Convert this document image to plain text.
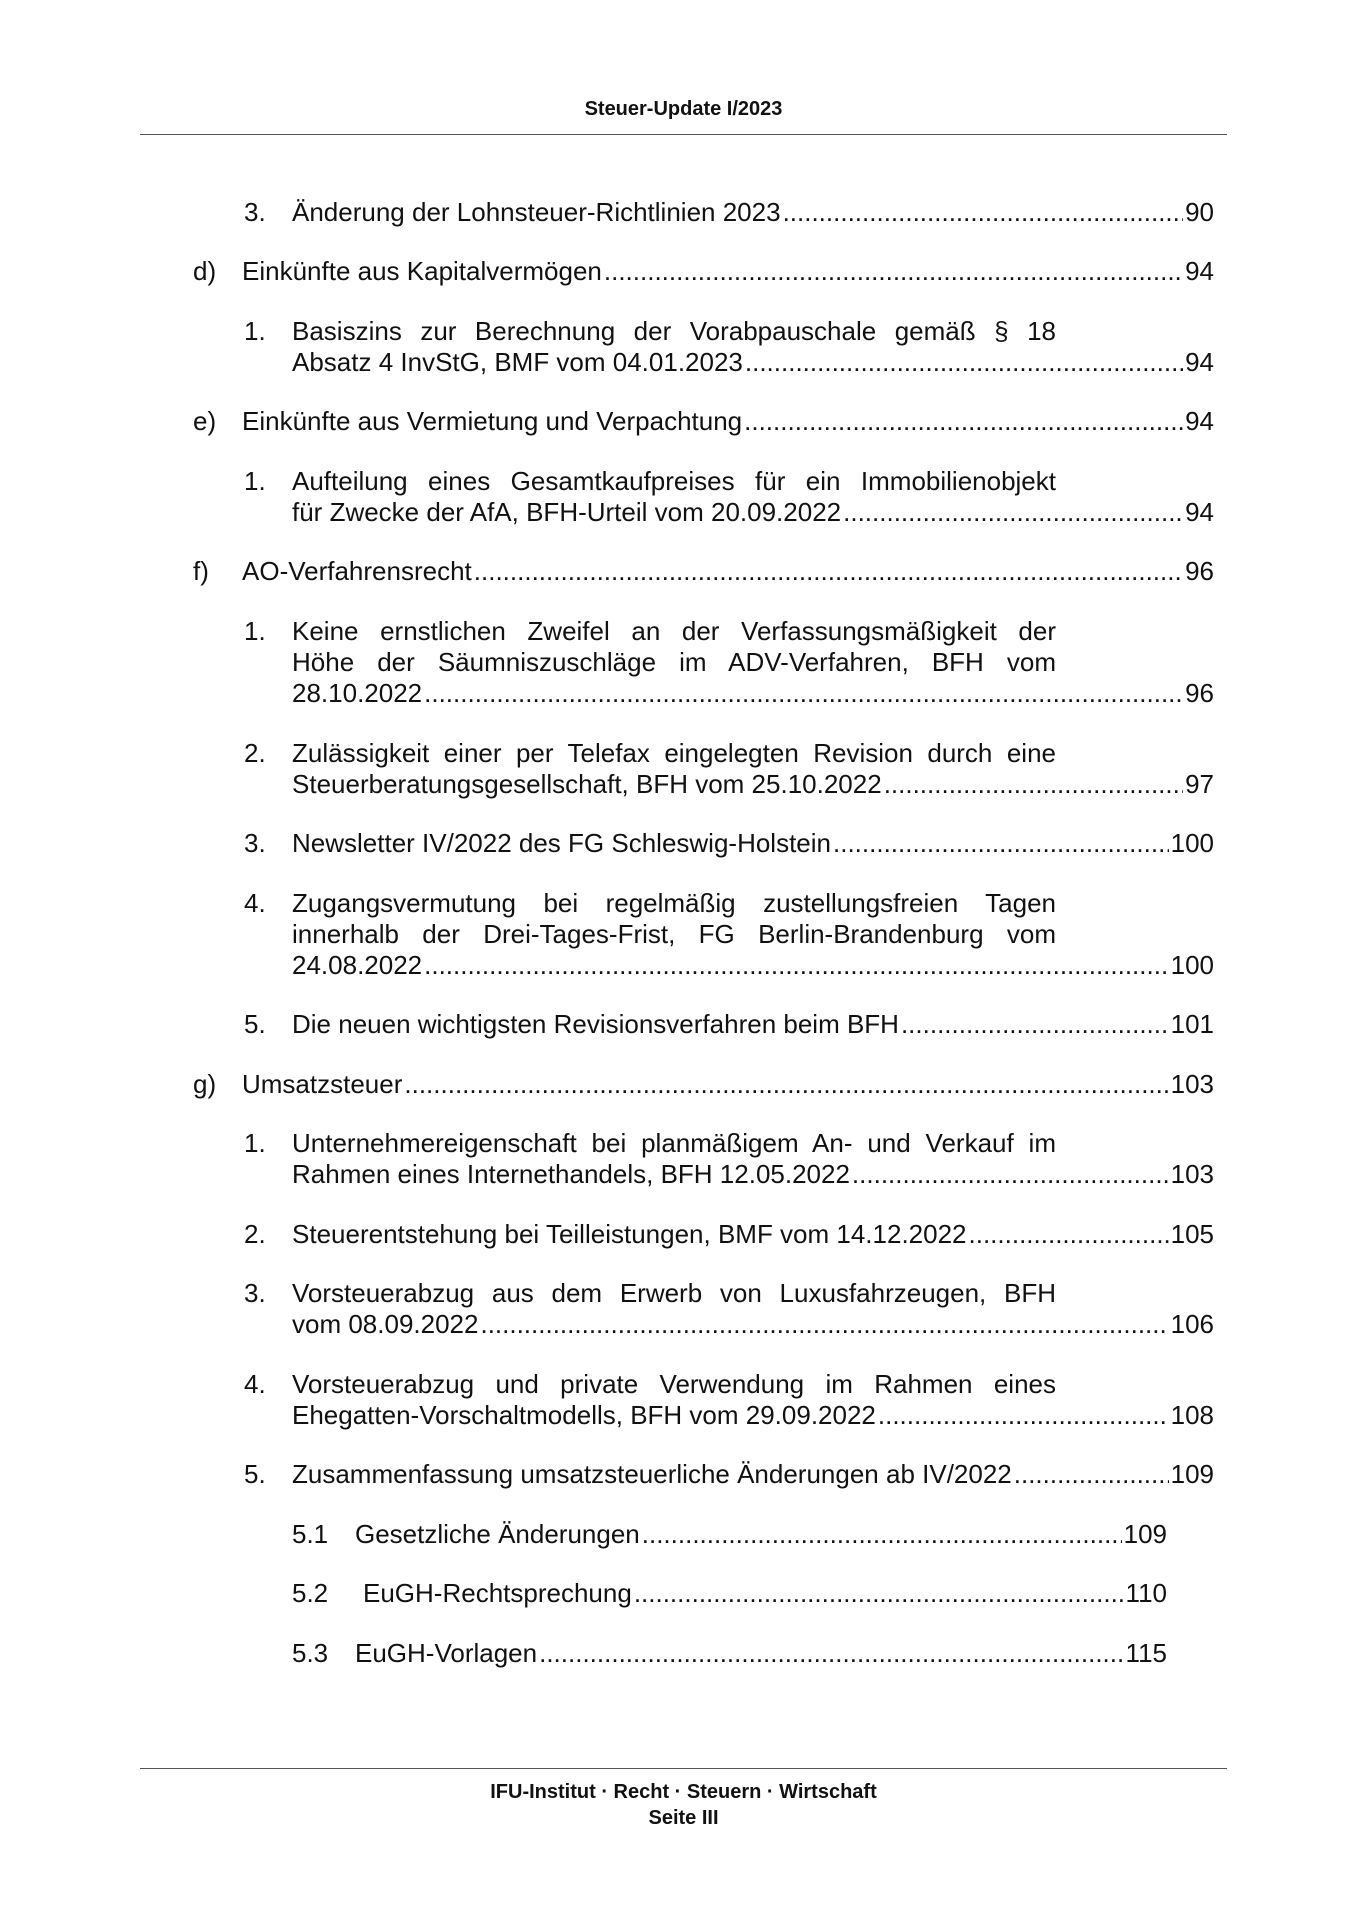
Steuer-Update I/2023
3. Änderung der Lohnsteuer-Richtlinien 2023 .....	90
d) Einkünfte aus Kapitalvermögen .....	94
1. Basiszins zur Berechnung der Vorabpauschale gemäß § 18
Absatz 4 InvStG, BMF vom 04.01.2023 .....	94
e) Einkünfte aus Vermietung und Verpachtung .....	94
1. Aufteilung eines Gesamtkaufpreises für ein Immobilienobjekt
für Zwecke der AfA, BFH-Urteil vom 20.09.2022 .....	94
f) AO-Verfahrensrecht .....	96
1. Keine ernstlichen Zweifel an der Verfassungsmäßigkeit der
Höhe der Säumniszuschläge im ADV-Verfahren, BFH vom
28.10.2022 .....	96
2. Zulässigkeit einer per Telefax eingelegten Revision durch eine
Steuerberatungsgesellschaft, BFH vom 25.10.2022 .....	97
3. Newsletter IV/2022 des FG Schleswig-Holstein .....	100
4. Zugangsvermutung bei regelmäßig zustellungsfreien Tagen
innerhalb der Drei-Tages-Frist, FG Berlin-Brandenburg vom
24.08.2022 .....	100
5. Die neuen wichtigsten Revisionsverfahren beim BFH .....	101
g) Umsatzsteuer .....	103
1. Unternehmereigenschaft bei planmäßigem An- und Verkauf im
Rahmen eines Internethandels, BFH 12.05.2022 .....	103
2. Steuerentstehung bei Teilleistungen, BMF vom 14.12.2022 .....	105
3. Vorsteuerabzug aus dem Erwerb von Luxusfahrzeugen, BFH
vom 08.09.2022 .....	106
4. Vorsteuerabzug und private Verwendung im Rahmen eines
Ehegatten-Vorschaltmodells, BFH vom 29.09.2022 .....	108
5. Zusammenfassung umsatzsteuerliche Änderungen ab IV/2022 .....	109
5.1 Gesetzliche Änderungen .....	109
5.2 EuGH-Rechtsprechung .....	110
5.3 EuGH-Vorlagen .....	115
IFU-Institut · Recht · Steuern · Wirtschaft
Seite III
